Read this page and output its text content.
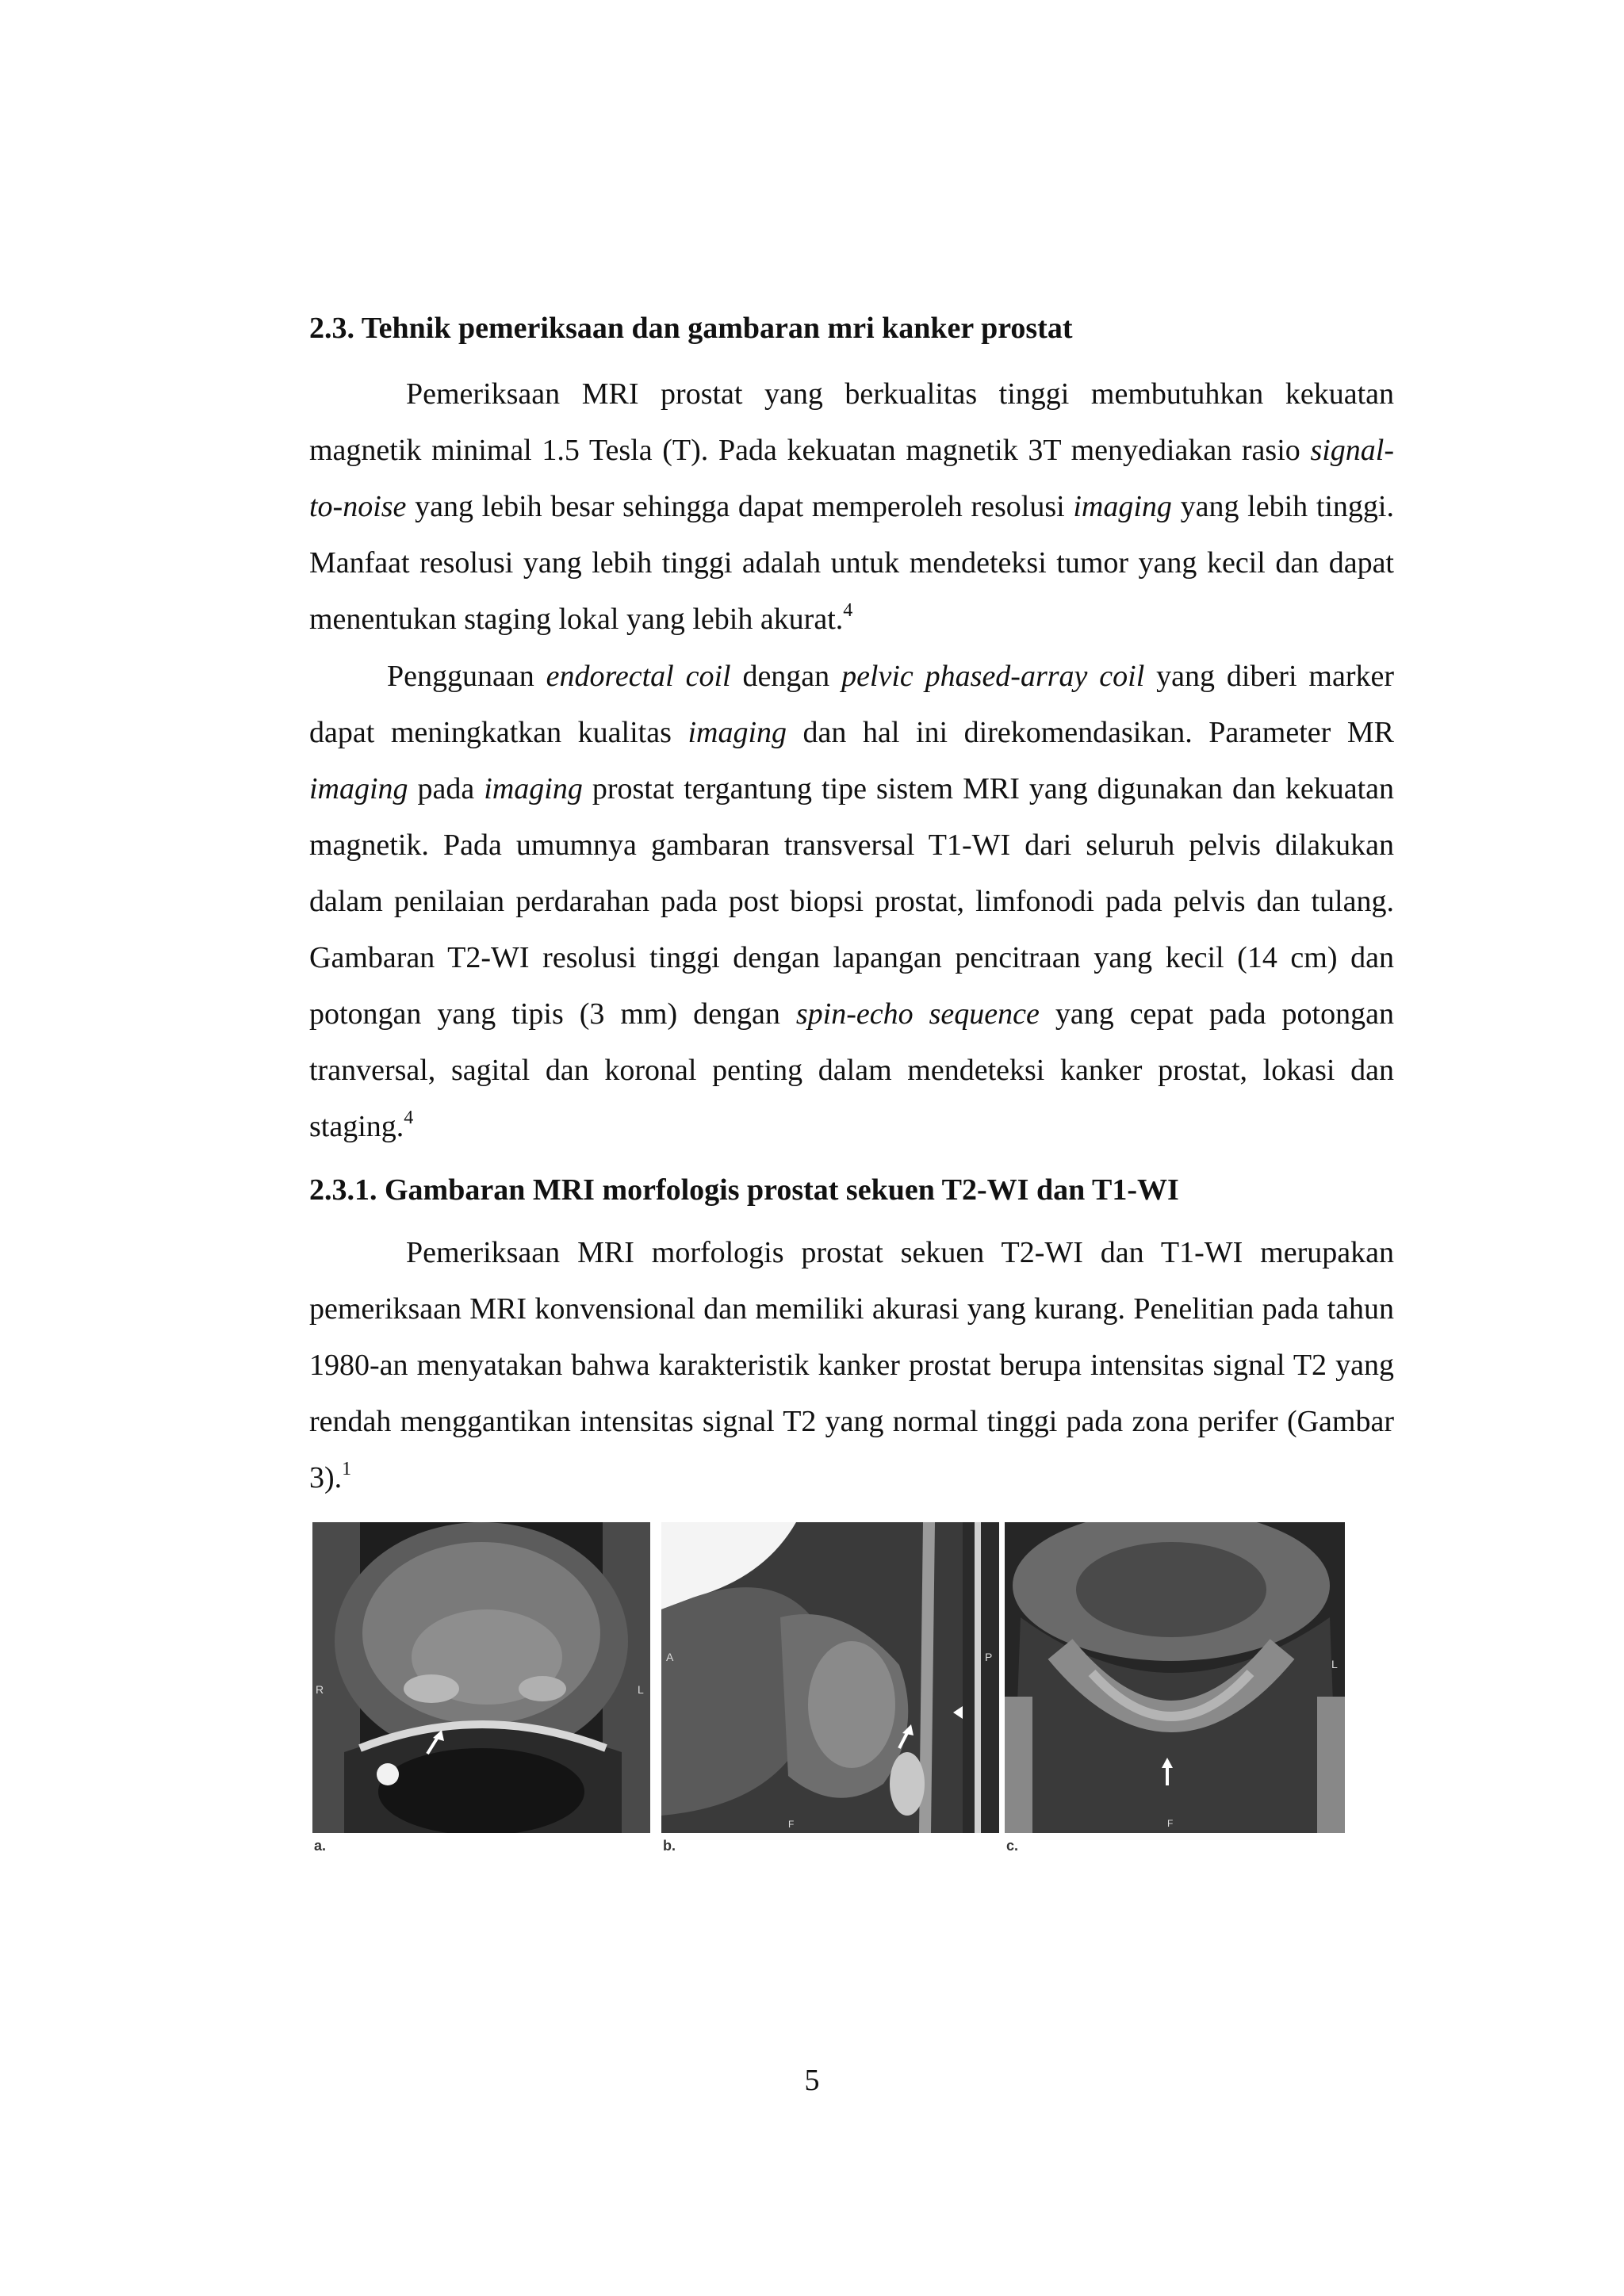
2.3. Tehnik pemeriksaan dan gambaran mri kanker prostat

Pemeriksaan MRI prostat yang berkualitas tinggi membutuhkan kekuatan magnetik minimal 1.5 Tesla (T). Pada kekuatan magnetik 3T menyediakan rasio signal-to-noise yang lebih besar sehingga dapat memperoleh resolusi imaging yang lebih tinggi. Manfaat resolusi yang lebih tinggi adalah untuk mendeteksi tumor yang kecil dan dapat menentukan staging lokal yang lebih akurat.$^4$

Penggunaan endorectal coil dengan pelvic phased-array coil yang diberi marker dapat meningkatkan kualitas imaging dan hal ini direkomendasikan. Parameter MR imaging pada imaging prostat tergantung tipe sistem MRI yang digunakan dan kekuatan magnetik. Pada umumnya gambaran transversal T1-WI dari seluruh pelvis dilakukan dalam penilaian perdarahan pada post biopsi prostat, limfonodi pada pelvis dan tulang. Gambaran T2-WI resolusi tinggi dengan lapangan pencitraan yang kecil (14 cm) dan potongan yang tipis (3 mm) dengan spin-echo sequence yang cepat pada potongan tranversal, sagital dan koronal penting dalam mendeteksi kanker prostat, lokasi dan staging.$^4$

2.3.1. Gambaran MRI morfologis prostat sekuen T2-WI dan T1-WI

Pemeriksaan MRI morfologis prostat sekuen T2-WI dan T1-WI merupakan pemeriksaan MRI konvensional dan memiliki akurasi yang kurang. Penelitian pada tahun 1980-an menyatakan bahwa karakteristik kanker prostat berupa intensitas signal T2 yang rendah menggantikan intensitas signal T2 yang normal tinggi pada zona perifer (Gambar 3).$^1$

R	L
A	P
F
L
F
a.	b.	c.
5
